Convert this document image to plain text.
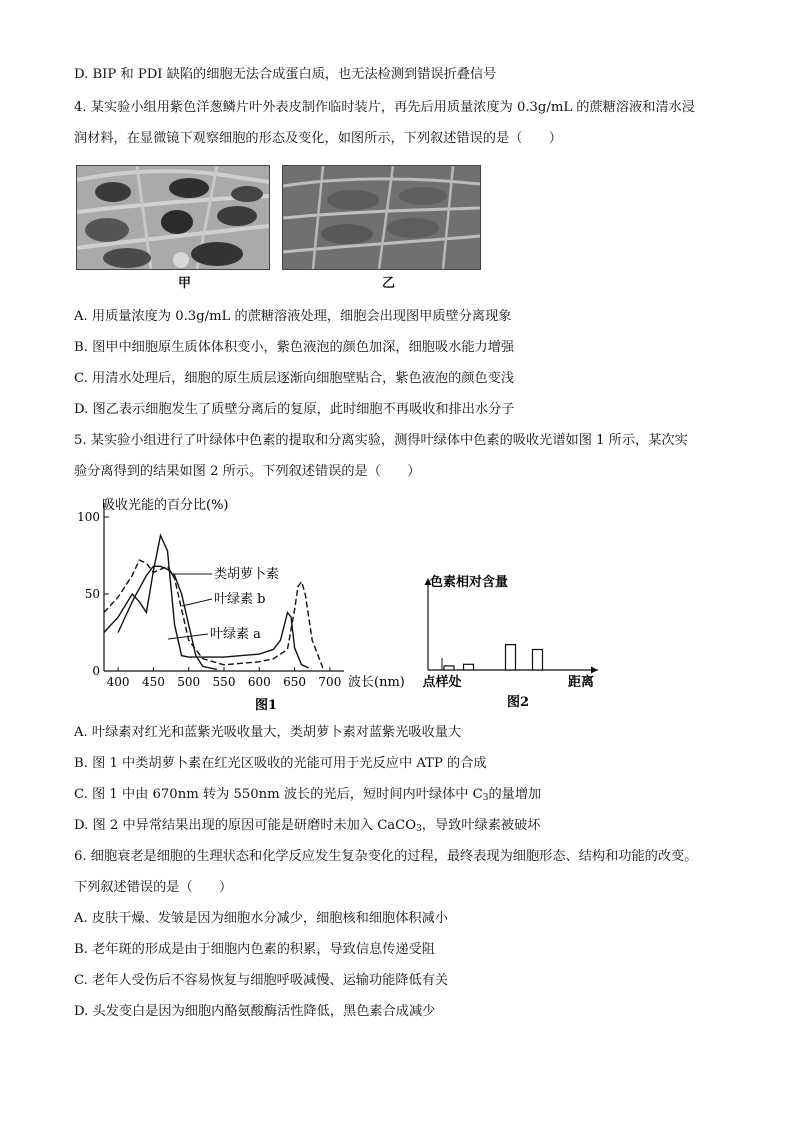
D. BIP 和 PDI 缺陷的细胞无法合成蛋白质，也无法检测到错误折叠信号
4. 某实验小组用紫色洋葱鳞片叶外表皮制作临时装片，再先后用质量浓度为 0.3g/mL 的蔗糖溶液和清水浸
润材料，在显微镜下观察细胞的形态及变化，如图所示，下列叙述错误的是（　　）
甲	乙
A. 用质量浓度为 0.3g/mL 的蔗糖溶液处理，细胞会出现图甲质壁分离现象
B. 图甲中细胞原生质体体积变小，紫色液泡的颜色加深，细胞吸水能力增强
C. 用清水处理后，细胞的原生质层逐渐向细胞壁贴合，紫色液泡的颜色变浅
D. 图乙表示细胞发生了质壁分离后的复原，此时细胞不再吸收和排出水分子
5. 某实验小组进行了叶绿体中色素的提取和分离实验，测得叶绿体中色素的吸收光谱如图 1 所示，某次实
验分离得到的结果如图 2 所示。下列叙述错误的是（　　）
0
50
100
400 450 500 550 600 650 700
吸收光能的百分比(%)
波长(nm)
图1
类胡萝卜素
叶绿素 b
叶绿素 a
色素相对含量
点样处	距离
图2
A. 叶绿素对红光和蓝紫光吸收量大，类胡萝卜素对蓝紫光吸收量大
B. 图 1 中类胡萝卜素在红光区吸收的光能可用于光反应中 ATP 的合成
C. 图 1 中由 670nm 转为 550nm 波长的光后，短时间内叶绿体中 $C_3$的量增加
D. 图 2 中异常结果出现的原因可能是研磨时未加入 CaCO$_3$，导致叶绿素被破坏
6. 细胞衰老是细胞的生理状态和化学反应发生复杂变化的过程，最终表现为细胞形态、结构和功能的改变。
下列叙述错误的是（　　）
A. 皮肤干燥、发皱是因为细胞水分减少，细胞核和细胞体积减小
B. 老年斑的形成是由于细胞内色素的积累，导致信息传递受阻
C. 老年人受伤后不容易恢复与细胞呼吸减慢、运输功能降低有关
D. 头发变白是因为细胞内酪氨酸酶活性降低，黑色素合成减少
